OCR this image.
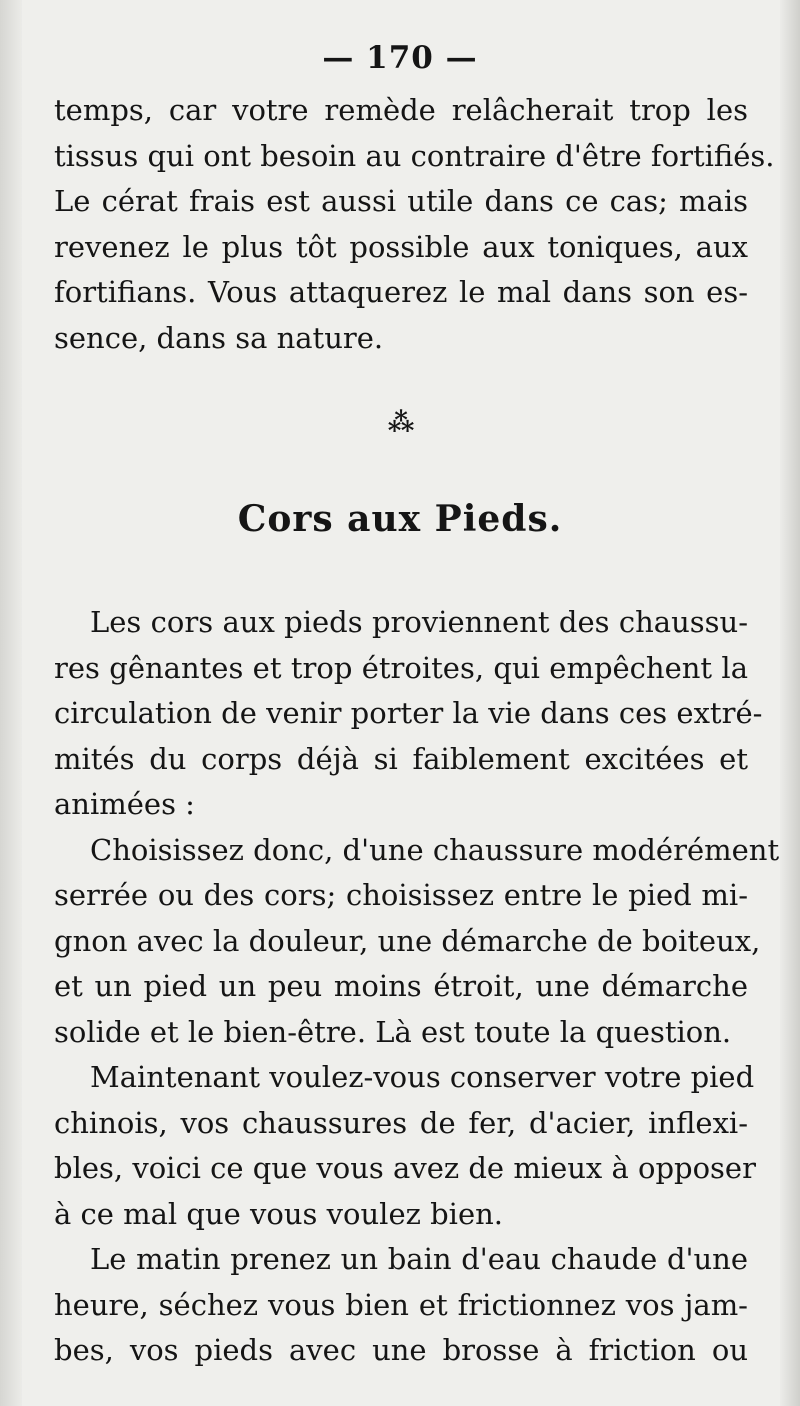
— 170 —
temps, car votre remède relâcherait trop les
tissus qui ont besoin au contraire d'être fortifiés.
Le cérat frais est aussi utile dans ce cas; mais
revenez le plus tôt possible aux toniques, aux
fortifians. Vous attaquerez le mal dans son es-
sence, dans sa nature.
⁂
Cors aux Pieds.
Les cors aux pieds proviennent des chaussu-
res gênantes et trop étroites, qui empêchent la
circulation de venir porter la vie dans ces extré-
mités du corps déjà si faiblement excitées et
animées :
Choisissez donc, d'une chaussure modérément
serrée ou des cors; choisissez entre le pied mi-
gnon avec la douleur, une démarche de boiteux,
et un pied un peu moins étroit, une démarche
solide et le bien-être. Là est toute la question.
Maintenant voulez-vous conserver votre pied
chinois, vos chaussures de fer, d'acier, inflexi-
bles, voici ce que vous avez de mieux à opposer
à ce mal que vous voulez bien.
Le matin prenez un bain d'eau chaude d'une
heure, séchez vous bien et frictionnez vos jam-
bes, vos pieds avec une brosse à friction ou
